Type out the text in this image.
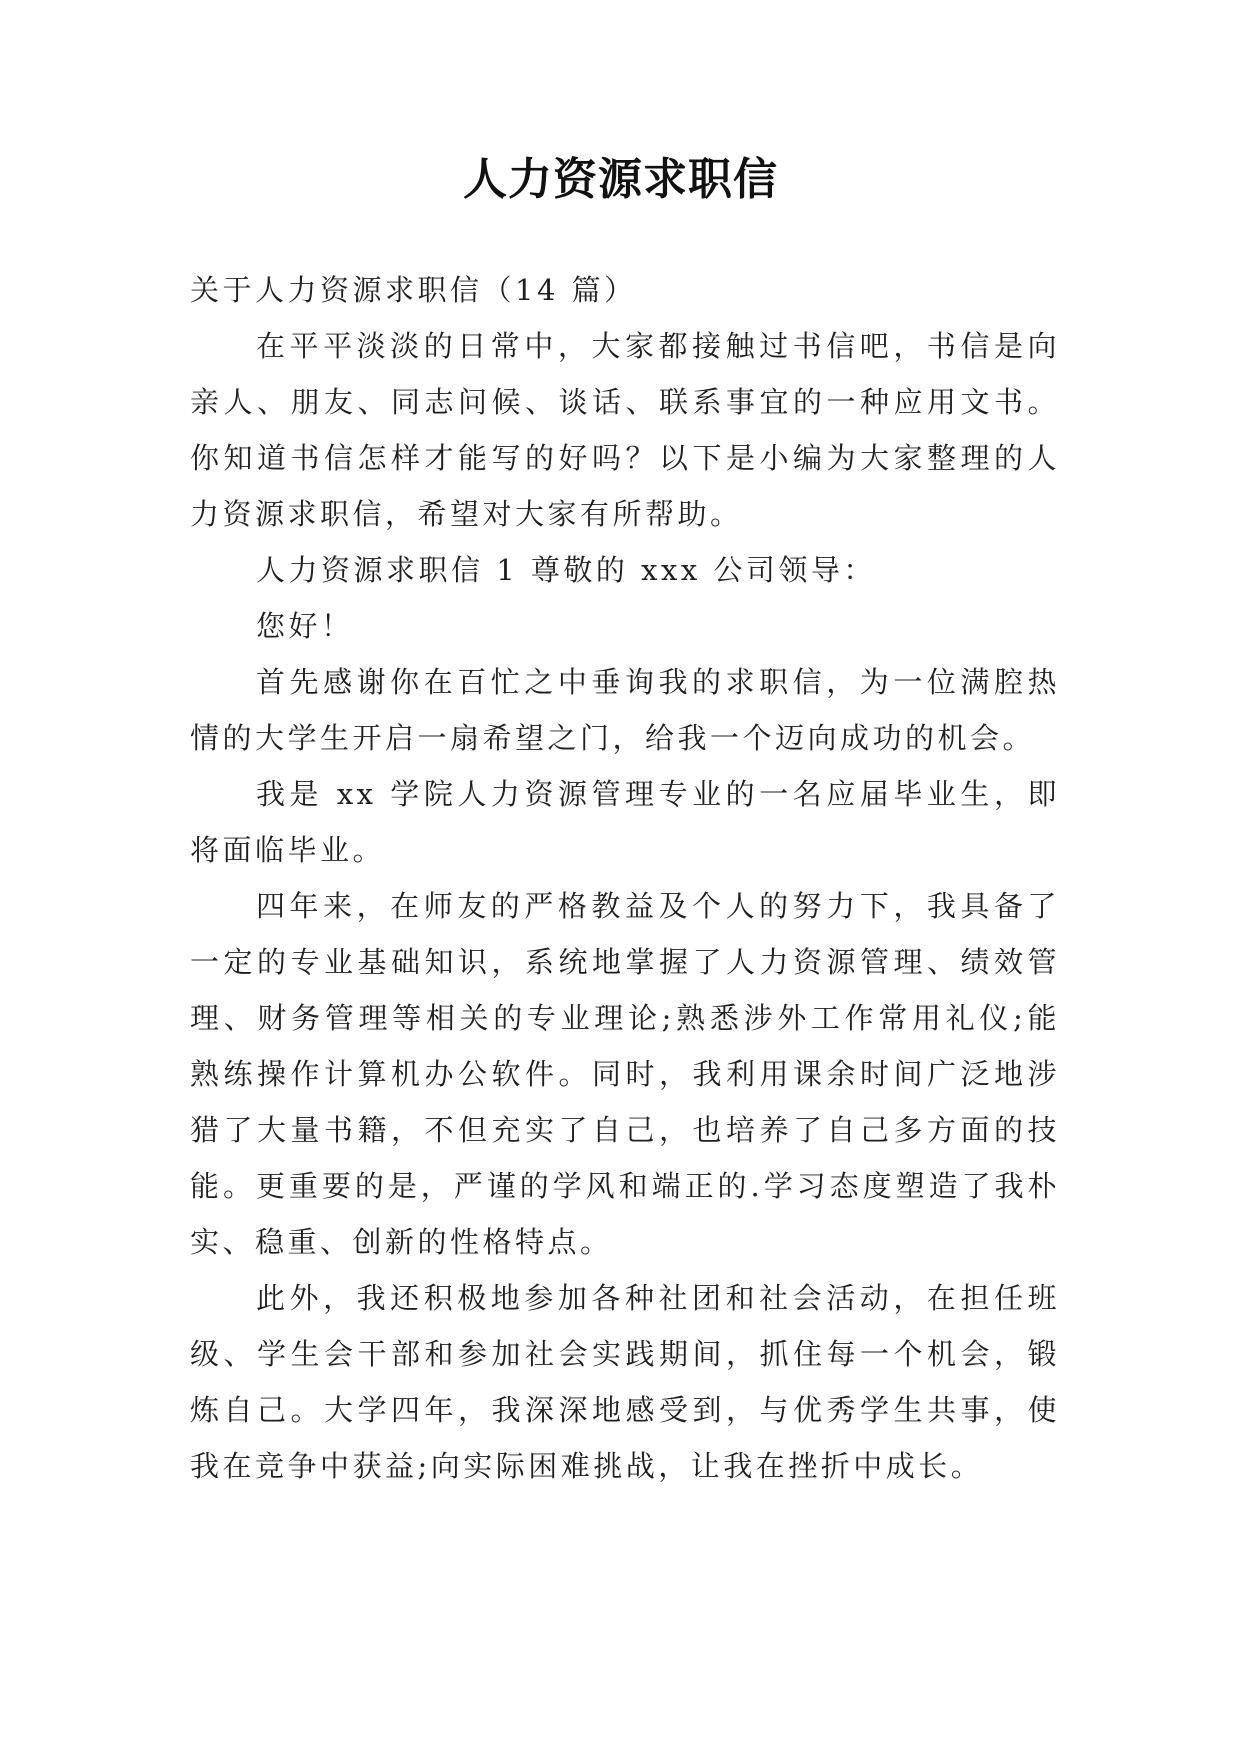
人力资源求职信

关于人力资源求职信（14 篇）

在平平淡淡的日常中，大家都接触过书信吧，书信是向亲人、朋友、同志问候、谈话、联系事宜的一种应用文书。你知道书信怎样才能写的好吗？以下是小编为大家整理的人力资源求职信，希望对大家有所帮助。

人力资源求职信 1 尊敬的 xxx 公司领导：

您好！

首先感谢你在百忙之中垂询我的求职信，为一位满腔热情的大学生开启一扇希望之门，给我一个迈向成功的机会。

我是 xx 学院人力资源管理专业的一名应届毕业生，即将面临毕业。

四年来，在师友的严格教益及个人的努力下，我具备了一定的专业基础知识，系统地掌握了人力资源管理、绩效管理、财务管理等相关的专业理论;熟悉涉外工作常用礼仪;能熟练操作计算机办公软件。同时，我利用课余时间广泛地涉猎了大量书籍，不但充实了自己，也培养了自己多方面的技能。更重要的是，严谨的学风和端正的.学习态度塑造了我朴实、稳重、创新的性格特点。

此外，我还积极地参加各种社团和社会活动，在担任班级、学生会干部和参加社会实践期间，抓住每一个机会，锻炼自己。大学四年，我深深地感受到，与优秀学生共事，使我在竞争中获益;向实际困难挑战，让我在挫折中成长。
